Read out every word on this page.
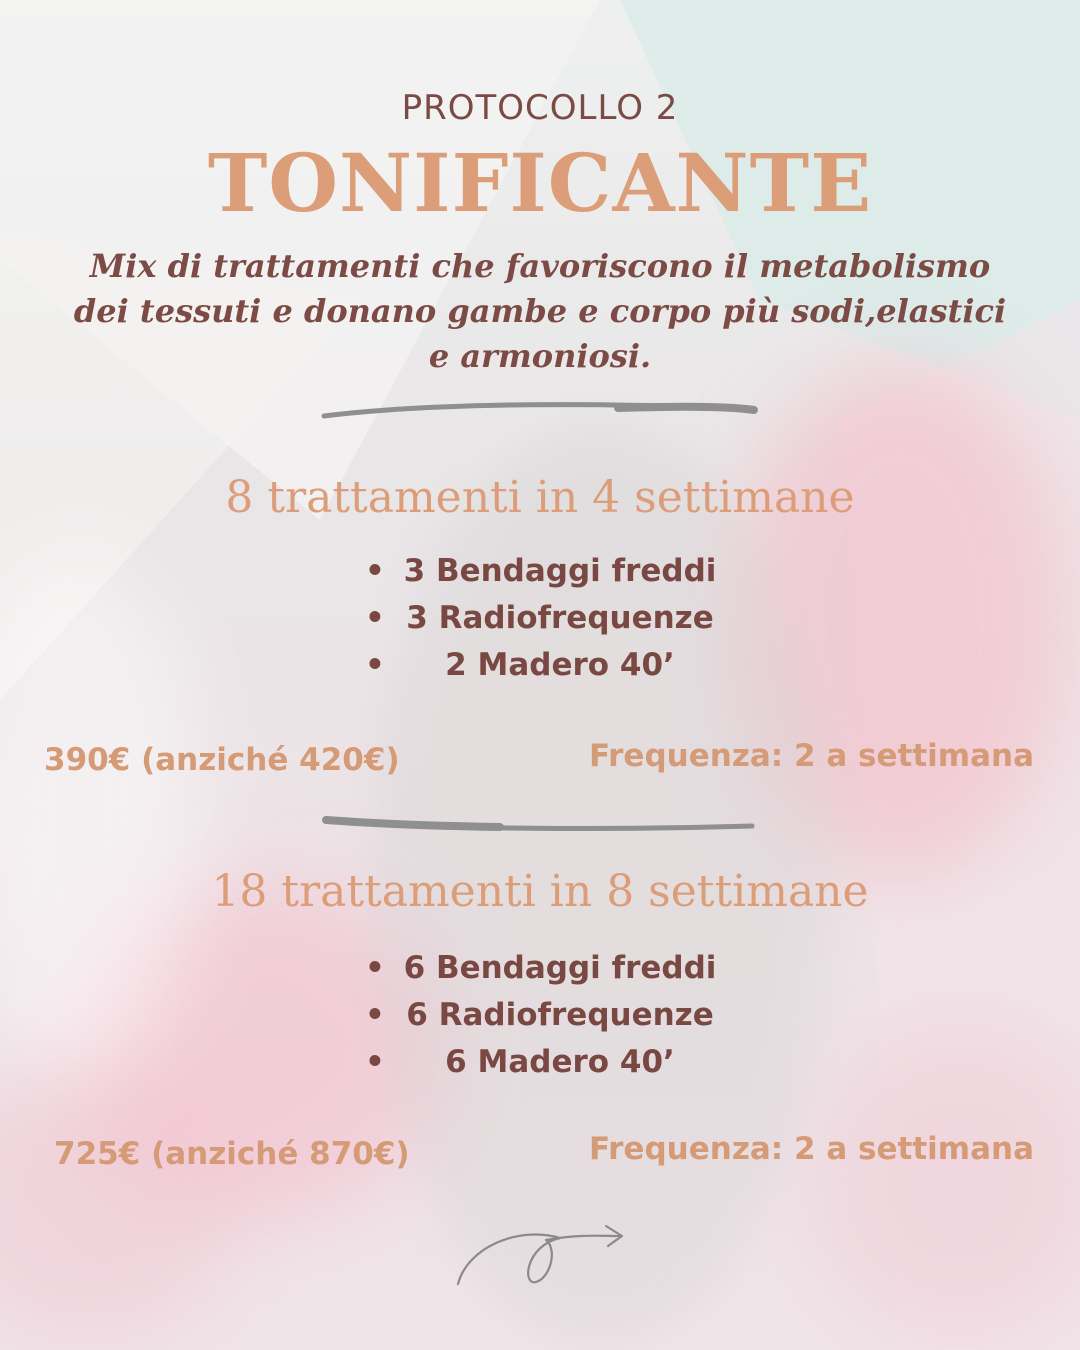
PROTOCOLLO 2
TONIFICANTE
Mix di trattamenti che favoriscono il metabolismo dei tessuti e donano gambe e corpo più sodi,elastici e armoniosi.
8 trattamenti in 4 settimane
• 3 Bendaggi freddi
• 3 Radiofrequenze
• 2 Madero 40’
390€ (anziché 420€)	Frequenza: 2 a settimana
18 trattamenti in 8 settimane
• 6 Bendaggi freddi
• 6 Radiofrequenze
• 6 Madero 40’
725€ (anziché 870€)	Frequenza: 2 a settimana
